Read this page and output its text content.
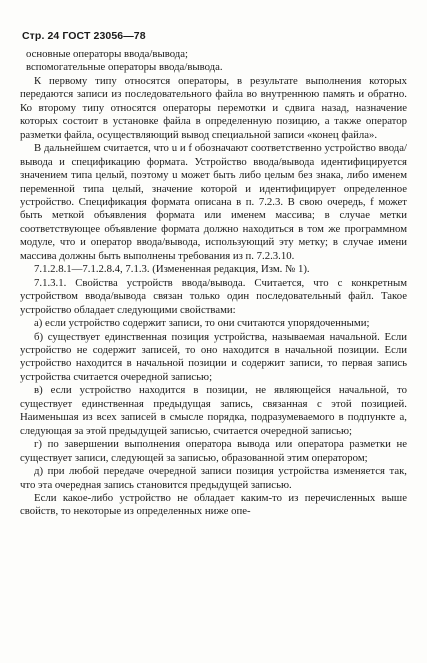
Стр. 24 ГОСТ 23056—78

основные операторы ввода/вывода;

вспомогательные операторы ввода/вывода.

К первому типу относятся операторы, в результате выполнения которых передаются записи из последовательного файла во внутреннюю память и обратно. Ко второму типу относятся операторы перемотки и сдвига назад, назначение которых состоит в установке файла в определенную позицию, а также оператор разметки файла, осуществляющий вывод специальной записи «конец файла».

В дальнейшем считается, что u и f обозначают соответственно устройство ввода/вывода и спецификацию формата. Устройство ввода/вывода идентифицируется значением типа целый, поэтому u может быть либо целым без знака, либо именем переменной типа целый, значение которой и идентифицирует определенное устройство. Спецификация формата описана в п. 7.2.3. В свою очередь, f может быть меткой объявления формата или именем массива; в случае метки соответствующее объявление формата должно находиться в том же программном модуле, что и оператор ввода/вывода, использующий эту метку; в случае имени массива должны быть выполнены требования из п. 7.2.3.10.

7.1.2.8.1—7.1.2.8.4, 7.1.3. (Измененная редакция, Изм. № 1).

7.1.3.1. Свойства устройств ввода/вывода. Считается, что с конкретным устройством ввода/вывода связан только один последовательный файл. Такое устройство обладает следующими свойствами:

а) если устройство содержит записи, то они считаются упорядоченными;

б) существует единственная позиция устройства, называемая начальной. Если устройство не содержит записей, то оно находится в начальной позиции. Если устройство находится в начальной позиции и содержит записи, то первая запись устройства считается очередной записью;

в) если устройство находится в позиции, не являющейся начальной, то существует единственная предыдущая запись, связанная с этой позицией. Наименьшая из всех записей в смысле порядка, подразумеваемого в подпункте а, следующая за этой предыдущей записью, считается очередной записью;

г) по завершении выполнения оператора вывода или оператора разметки не существует записи, следующей за записью, образованной этим оператором;

д) при любой передаче очередной записи позиция устройства изменяется так, что эта очередная запись становится предыдущей записью.

Если какое-либо устройство не обладает каким-то из перечисленных выше свойств, то некоторые из определенных ниже опе-
